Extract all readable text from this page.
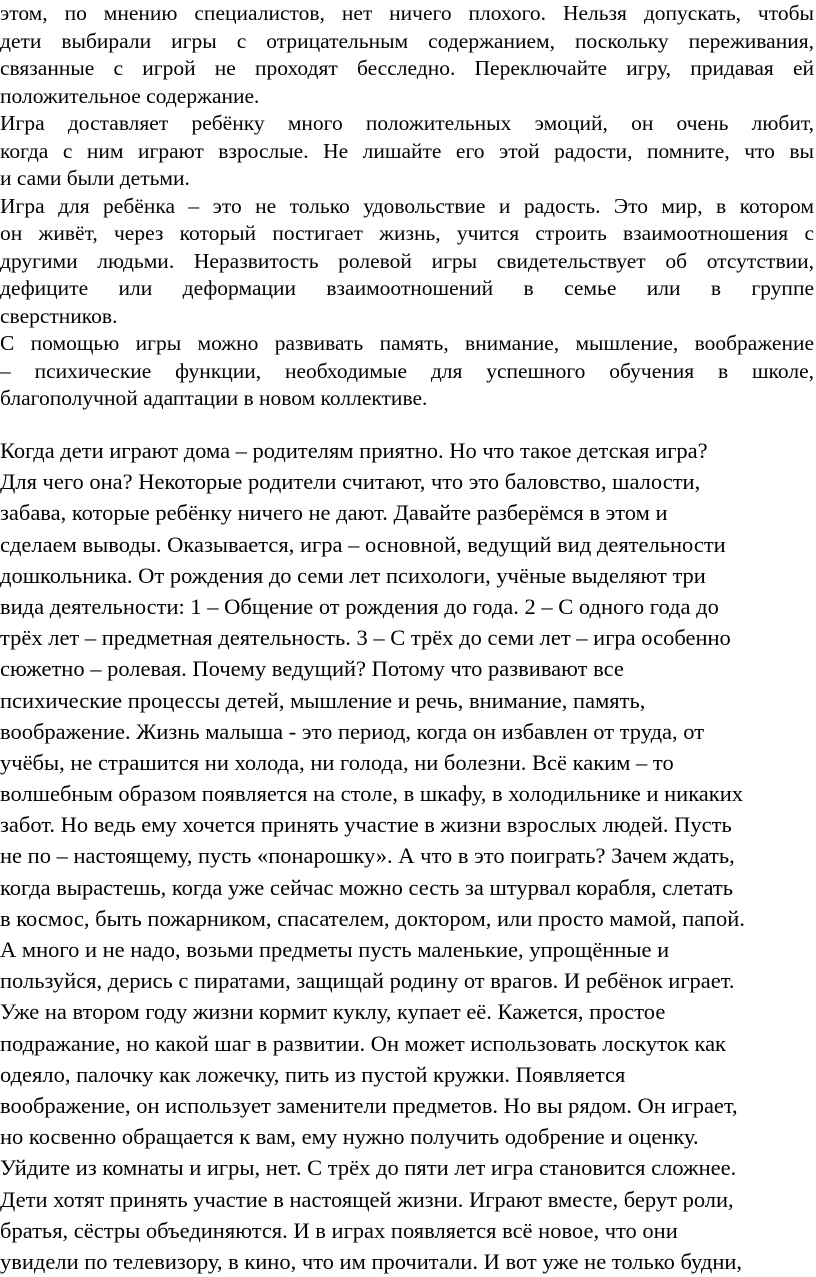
этом, по мнению специалистов, нет ничего плохого. Нельзя допускать, чтобы
дети выбирали игры с отрицательным содержанием, поскольку переживания,
связанные с игрой не проходят бесследно. Переключайте игру, придавая ей
положительное содержание.
Игра доставляет ребёнку много положительных эмоций, он очень любит,
когда с ним играют взрослые. Не лишайте его этой радости, помните, что вы
и сами были детьми.
Игра для ребёнка – это не только удовольствие и радость. Это мир, в котором
он живёт, через который постигает жизнь, учится строить взаимоотношения с
другими людьми. Неразвитость ролевой игры свидетельствует об отсутствии,
дефиците или деформации взаимоотношений в семье или в группе
сверстников.
С помощью игры можно развивать память, внимание, мышление, воображение
– психические функции, необходимые для успешного обучения в школе,
благополучной адаптации в новом коллективе.
Когда дети играют дома – родителям приятно. Но что такое детская игра?
Для чего она? Некоторые родители считают, что это баловство, шалости,
забава, которые ребёнку ничего не дают. Давайте разберёмся в этом и
сделаем выводы. Оказывается, игра – основной, ведущий вид деятельности
дошкольника. От рождения до семи лет психологи, учёные выделяют три
вида деятельности: 1 – Общение от рождения до года. 2 – С одного года до
трёх лет – предметная деятельность. 3 – С трёх до семи лет – игра особенно
сюжетно – ролевая. Почему ведущий? Потому что развивают все
психические процессы детей, мышление и речь, внимание, память,
воображение. Жизнь малыша - это период, когда он избавлен от труда, от
учёбы, не страшится ни холода, ни голода, ни болезни. Всё каким – то
волшебным образом появляется на столе, в шкафу, в холодильнике и никаких
забот. Но ведь ему хочется принять участие в жизни взрослых людей. Пусть
не по – настоящему, пусть «понарошку». А что в это поиграть? Зачем ждать,
когда вырастешь, когда уже сейчас можно сесть за штурвал корабля, слетать
в космос, быть пожарником, спасателем, доктором, или просто мамой, папой.
А много и не надо, возьми предметы пусть маленькие, упрощённые и
пользуйся, дерись с пиратами, защищай родину от врагов. И ребёнок играет.
Уже на втором году жизни кормит куклу, купает её. Кажется, простое
подражание, но какой шаг в развитии. Он может использовать лоскуток как
одеяло, палочку как ложечку, пить из пустой кружки. Появляется
воображение, он использует заменители предметов. Но вы рядом. Он играет,
но косвенно обращается к вам, ему нужно получить одобрение и оценку.
Уйдите из комнаты и игры, нет. С трёх до пяти лет игра становится сложнее.
Дети хотят принять участие в настоящей жизни. Играют вместе, берут роли,
братья, сёстры объединяются. И в играх появляется всё новое, что они
увидели по телевизору, в кино, что им прочитали. И вот уже не только будни,
